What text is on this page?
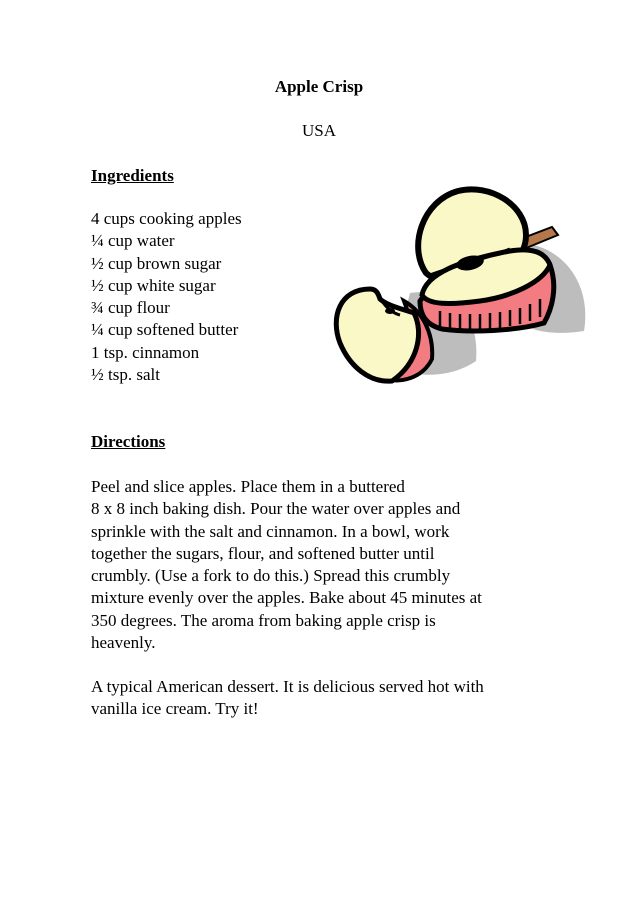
Apple Crisp
USA
Ingredients
4 cups cooking apples
¼ cup water
½ cup brown sugar
½ cup white sugar
¾ cup flour
¼ cup softened butter
1 tsp. cinnamon
½ tsp. salt
Directions
Peel and slice apples. Place them in a buttered
8 x 8 inch baking dish. Pour the water over apples and
sprinkle with the salt and cinnamon. In a bowl, work
together the sugars, flour, and softened butter until
crumbly. (Use a fork to do this.) Spread this crumbly
mixture evenly over the apples. Bake about 45 minutes at
350 degrees. The aroma from baking apple crisp is
heavenly.
A typical American dessert. It is delicious served hot with
vanilla ice cream. Try it!
